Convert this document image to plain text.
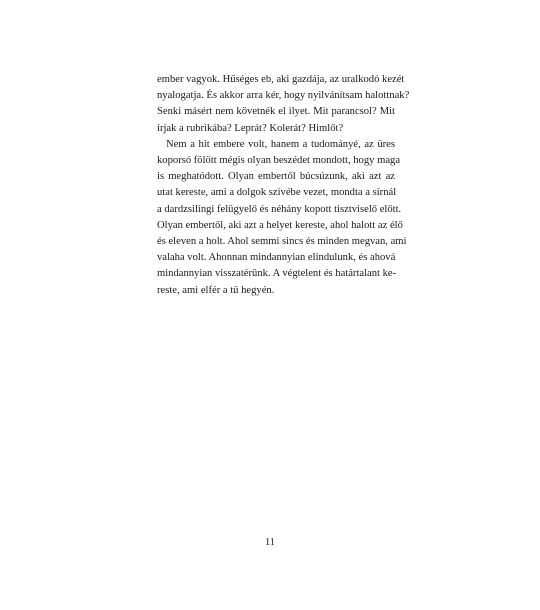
ember vagyok. Hűséges eb, aki gazdája, az uralkodó kezét
nyalogatja. És akkor arra kér, hogy nyilvánítsam halottnak?
Senki másért nem követnék el ilyet. Mit parancsol? Mit
írjak a rubrikába? Leprát? Kolerát? Himlőt?
Nem a hit embere volt, hanem a tudományé, az üres
koporsó fölött mégis olyan beszédet mondott, hogy maga
is meghatódott. Olyan embertől búcsúzunk, aki azt az
utat kereste, ami a dolgok szívébe vezet, mondta a sírnál
a dardzsilingi felügyelő és néhány kopott tisztviselő előtt.
Olyan embertől, aki azt a helyet kereste, ahol halott az élő
és eleven a holt. Ahol semmi sincs és minden megvan, ami
valaha volt. Ahonnan mindannyian elindulunk, és ahová
mindannyian visszatérünk. A végtelent és határtalant ke-
reste, ami elfér a tű hegyén.
11
